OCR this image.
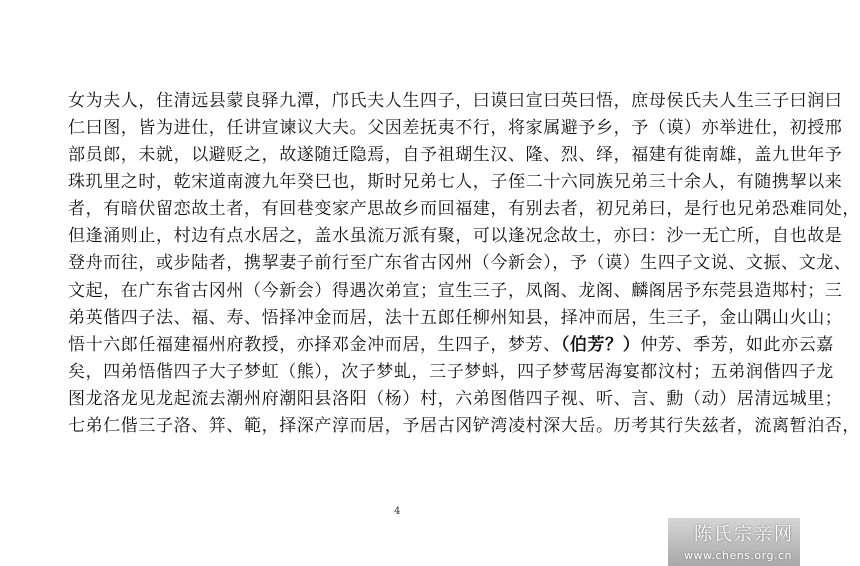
女为夫人，住清远县蒙良驿九潭，邝氏夫人生四子，曰谟曰宣曰英曰悟，庶母侯氏夫人生三子曰润曰
仁曰图，皆为进仕，任讲宣谏议大夫。父因差抚夷不行，将家属避予乡，予（谟）亦举进仕，初授邢
部员郎，未就，以避贬之，故遂随迁隐焉，自予祖瑚生汉、隆、烈、绎，福建有徙南雄，盖九世年予
珠玑里之时，乾宋道南渡九年癸巳也，斯时兄弟七人，子侄二十六同族兄弟三十余人，有随携挈以来
者，有暗伏留恋故土者，有回巷变家产思故乡而回福建，有别去者，初兄弟曰，是行也兄弟恐难同处，
但逢涌则止，村边有点水居之，盖水虽流万派有聚，可以逢况念故土，亦曰：沙一无亡所，自也故是
登舟而往，或步陆者，携挈妻子前行至广东省古冈州（今新会），予（谟）生四子文说、文振、文龙、
文起，在广东省古冈州（今新会）得遇次弟宣；宣生三子，凤阁、龙阁、麟阁居予东莞县造䢼村；三
弟英偕四子法、福、寿、悟择冲金而居，法十五郎任柳州知县，择冲而居，生三子，金山隅山火山；
悟十六郎任福建福州府教授，亦择邓金冲而居，生四子，梦芳、（伯芳？）仲芳、季芳，如此亦云嘉
矣，四弟悟偕四子大子梦虹（熊），次子梦虬，三子梦蚪，四子梦莺居海宴都汶村；五弟润偕四子龙
图龙洛龙见龙起流去潮州府潮阳县洛阳（杨）村，六弟图偕四子视、听、言、勳（动）居清远城里；
七弟仁偕三子洛、䈂、範，择深产淳而居，予居古冈铲湾凌村深大岳。历考其行失兹者，流离暂泊否，
4
陈氏宗亲网
www.chens.org.cn
